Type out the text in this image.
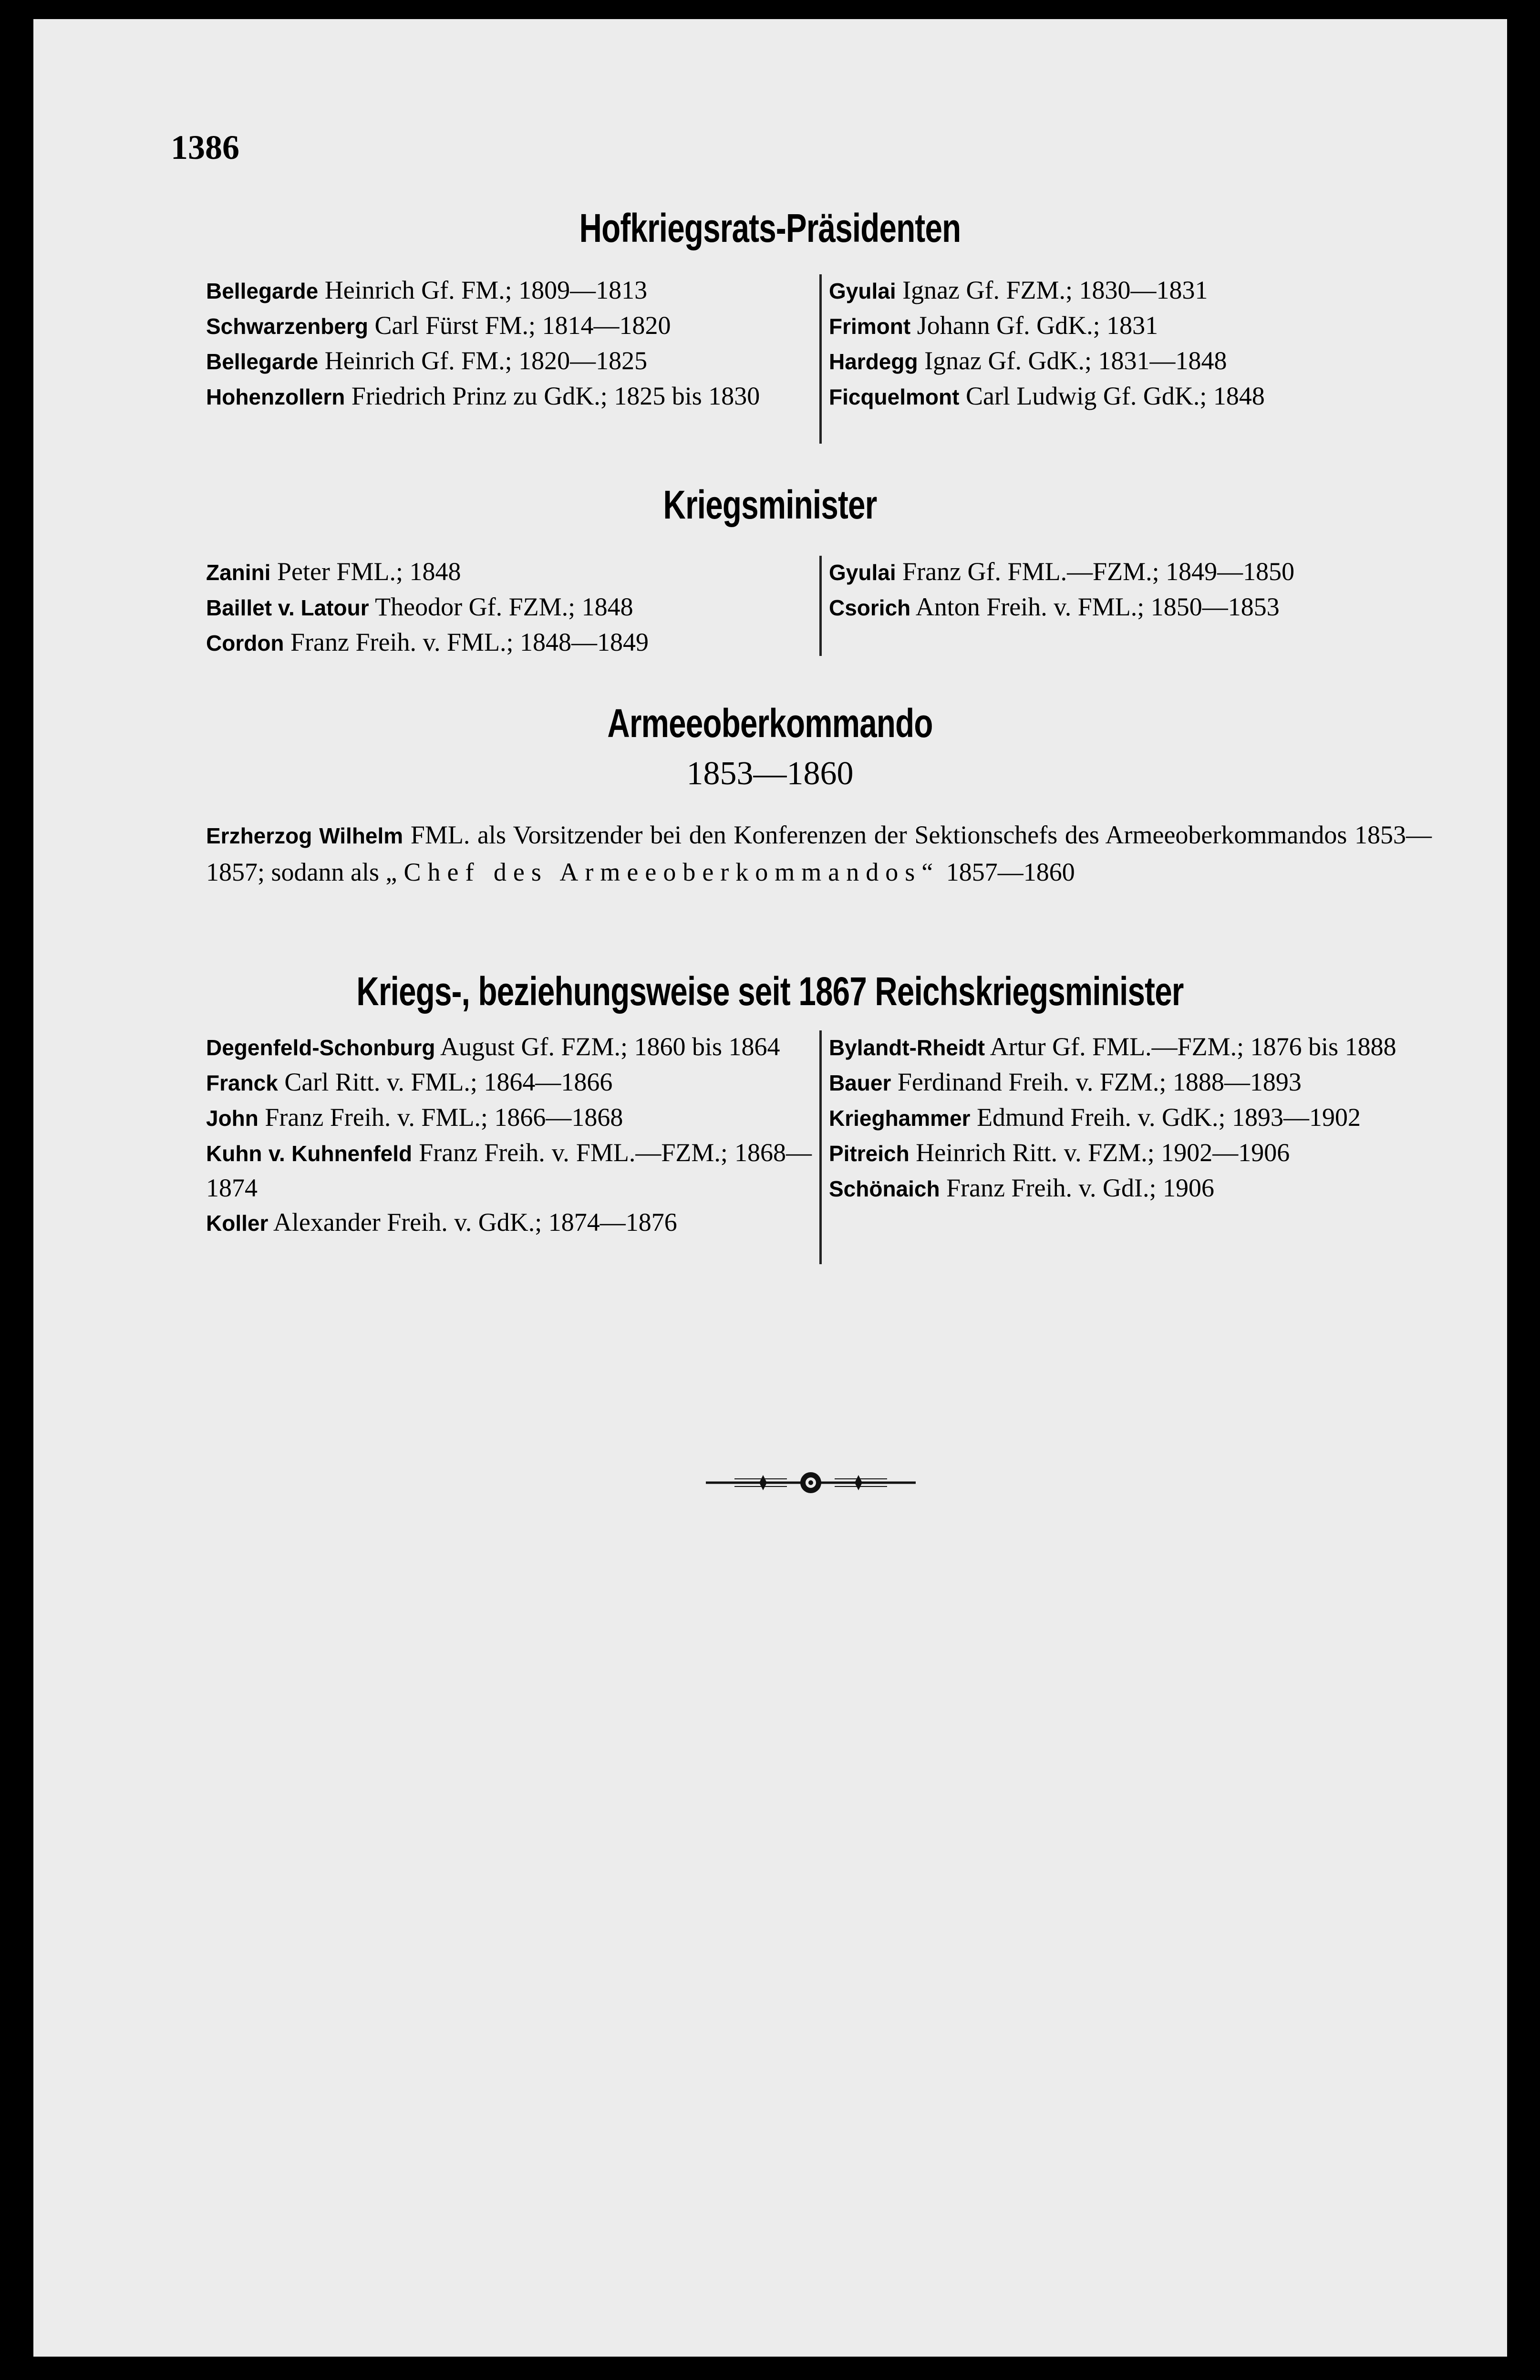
1386
Hofkriegsrats-Präsidenten
Bellegarde Heinrich Gf. FM.; 1809—1813
Schwarzenberg Carl Fürst FM.; 1814—1820
Bellegarde Heinrich Gf. FM.; 1820—1825
Hohenzollern Friedrich Prinz zu GdK.; 1825 bis 1830
Gyulai Ignaz Gf. FZM.; 1830—1831
Frimont Johann Gf. GdK.; 1831
Hardegg Ignaz Gf. GdK.; 1831—1848
Ficquelmont Carl Ludwig Gf. GdK.; 1848
Kriegsminister
Zanini Peter FML.; 1848
Baillet v. Latour Theodor Gf. FZM.; 1848
Cordon Franz Freih. v. FML.; 1848—1849
Gyulai Franz Gf. FML.—FZM.; 1849—1850
Csorich Anton Freih. v. FML.; 1850—1853
Armeeoberkommando
1853—1860
Erzherzog Wilhelm FML. als Vorsitzender bei den Konferenzen der Sektionschefs des Armeeoberkommandos 1853—1857; sodann als „Chef des Armeeoberkommandos“ 1857—1860
Kriegs-, beziehungsweise seit 1867 Reichskriegsminister
Degenfeld-Schonburg August Gf. FZM.; 1860 bis 1864
Franck Carl Ritt. v. FML.; 1864—1866
John Franz Freih. v. FML.; 1866—1868
Kuhn v. Kuhnenfeld Franz Freih. v. FML.—FZM.; 1868—1874
Koller Alexander Freih. v. GdK.; 1874—1876
Bylandt-Rheidt Artur Gf. FML.—FZM.; 1876 bis 1888
Bauer Ferdinand Freih. v. FZM.; 1888—1893
Krieghammer Edmund Freih. v. GdK.; 1893—1902
Pitreich Heinrich Ritt. v. FZM.; 1902—1906
Schönaich Franz Freih. v. GdI.; 1906
